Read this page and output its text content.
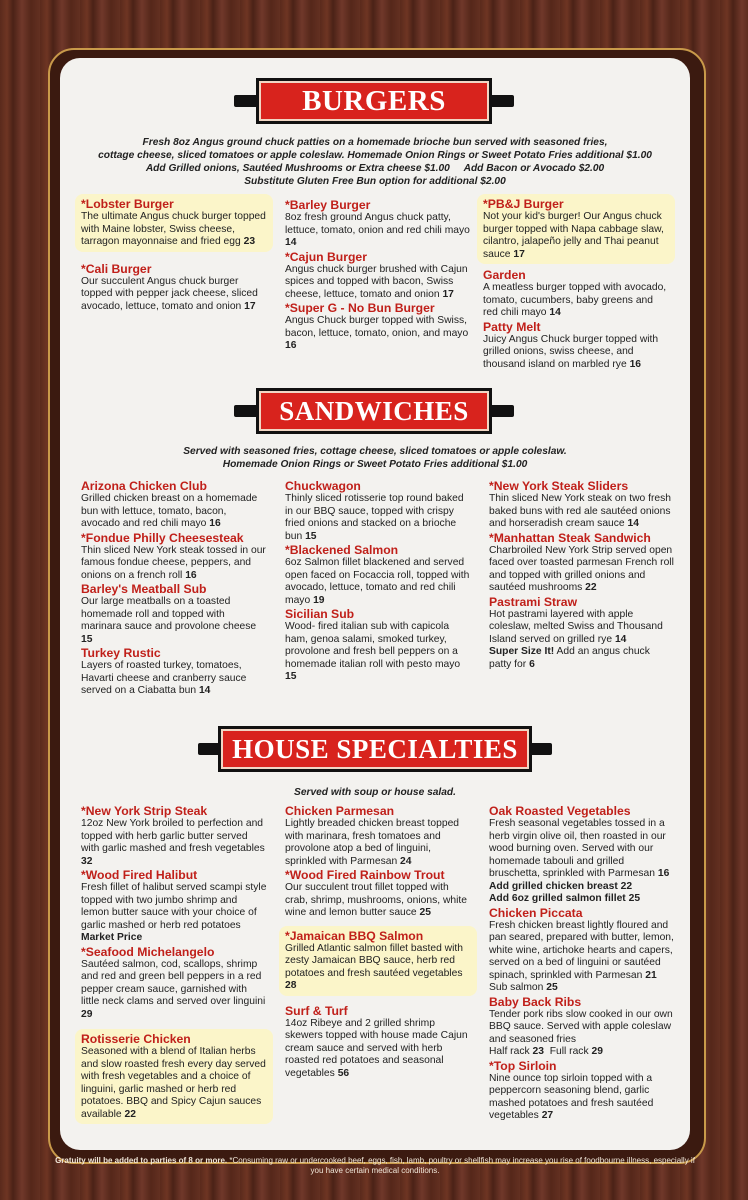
BURGERS
Fresh 8oz Angus ground chuck patties on a homemade brioche bun served with seasoned fries,
cottage cheese, sliced tomatoes or apple coleslaw. Homemade Onion Rings or Sweet Potato Fries additional $1.00
Add Grilled onions, Sautéed Mushrooms or Extra cheese $1.00     Add Bacon or Avocado $2.00
Substitute Gluten Free Bun option for additional $2.00
*Lobster Burger
The ultimate Angus chuck burger topped with Maine lobster, Swiss cheese, tarragon mayonnaise and fried egg 23
*Cali Burger
Our succulent Angus chuck burger topped with pepper jack cheese, sliced avocado, lettuce, tomato and onion 17
*Barley Burger
8oz fresh ground Angus chuck patty, lettuce, tomato, onion and red chili mayo 14
*Cajun Burger
Angus chuck burger brushed with Cajun spices and topped with bacon, Swiss cheese, lettuce, tomato and onion 17
*Super G - No Bun Burger
Angus Chuck burger topped with Swiss, bacon, lettuce, tomato, onion, and mayo 16
*PB&J Burger
Not your kid's burger! Our Angus chuck burger topped with Napa cabbage slaw, cilantro, jalapeño jelly and Thai peanut sauce 17
Garden
A meatless burger topped with avocado, tomato, cucumbers, baby greens and red chili mayo 14
Patty Melt
Juicy Angus Chuck burger topped with grilled onions, swiss cheese, and thousand island on marbled rye 16
SANDWICHES
Served with seasoned fries, cottage cheese, sliced tomatoes or apple coleslaw.
Homemade Onion Rings or Sweet Potato Fries additional $1.00
Arizona Chicken Club
Grilled chicken breast on a homemade bun with lettuce, tomato, bacon, avocado and red chili mayo 16
*Fondue Philly Cheesesteak
Thin sliced New York steak tossed in our famous fondue cheese, peppers, and onions on a french roll 16
Barley's Meatball Sub
Our large meatballs on a toasted homemade roll and topped with marinara sauce and provolone cheese 15
Turkey Rustic
Layers of roasted turkey, tomatoes, Havarti cheese and cranberry sauce served on a Ciabatta bun 14
Chuckwagon
Thinly sliced rotisserie top round baked in our BBQ sauce, topped with crispy fried onions and stacked on a brioche bun 15
*Blackened Salmon
6oz Salmon fillet blackened and served open faced on Focaccia roll, topped with avocado, lettuce, tomato and red chili mayo 19
Sicilian Sub
Wood- fired italian sub with capicola ham, genoa salami, smoked turkey, provolone and fresh bell peppers on a homemade italian roll with pesto mayo 15
*New York Steak Sliders
Thin sliced New York steak on two fresh baked buns with red ale sautéed onions and horseradish cream sauce 14
*Manhattan Steak Sandwich
Charbroiled New York Strip served open faced over toasted parmesan French roll and topped with grilled onions and sautéed mushrooms 22
Pastrami Straw
Hot pastrami layered with apple coleslaw, melted Swiss and Thousand Island served on grilled rye 14
Super Size It! Add an angus chuck patty for 6
HOUSE SPECIALTIES
Served with soup or house salad.
*New York Strip Steak
12oz New York broiled to perfection and topped with herb garlic butter served with garlic mashed and fresh vegetables 32
*Wood Fired Halibut
Fresh fillet of halibut served scampi style topped with two jumbo shrimp and lemon butter sauce with your choice of garlic mashed or herb red potatoes Market Price
*Seafood Michelangelo
Sautéed salmon, cod, scallops, shrimp and red and green bell peppers in a red pepper cream sauce, garnished with little neck clams and served over linguini 29
Rotisserie Chicken
Seasoned with a blend of Italian herbs and slow roasted fresh every day served with fresh vegetables and a choice of linguini, garlic mashed or herb red potatoes. BBQ and Spicy Cajun sauces available 22
Chicken Parmesan
Lightly breaded chicken breast topped with marinara, fresh tomatoes and provolone atop a bed of linguini, sprinkled with Parmesan 24
*Wood Fired Rainbow Trout
Our succulent trout fillet topped with crab, shrimp, mushrooms, onions, white wine and lemon butter sauce 25
*Jamaican BBQ Salmon
Grilled Atlantic salmon fillet basted with zesty Jamaican BBQ sauce, herb red potatoes and fresh sautéed vegetables 28
Surf & Turf
14oz Ribeye and 2 grilled shrimp skewers topped with house made Cajun cream sauce and served with herb roasted red potatoes and seasonal vegetables 56
Oak Roasted Vegetables
Fresh seasonal vegetables tossed in a herb virgin olive oil, then roasted in our wood burning oven. Served with our homemade tabouli and grilled bruschetta, sprinkled with Parmesan 16
Add grilled chicken breast 22
Add 6oz grilled salmon fillet 25
Chicken Piccata
Fresh chicken breast lightly floured and pan seared, prepared with butter, lemon, white wine, artichoke hearts and capers, served on a bed of linguini or sautéed spinach, sprinkled with Parmesan 21  Sub salmon 25
Baby Back Ribs
Tender pork ribs slow cooked in our own BBQ sauce. Served with apple coleslaw and seasoned fries
Half rack 23 Full rack 29
*Top Sirloin
Nine ounce top sirloin topped with a peppercorn seasoning blend, garlic mashed potatoes and fresh sautéed vegetables 27
Gratuity will be added to parties of 8 or more. *Consuming raw or undercooked beef, eggs, fish, lamb, poultry or shellfish may increase you rise of foodbourne illness, especially if you have certain medical conditions.
